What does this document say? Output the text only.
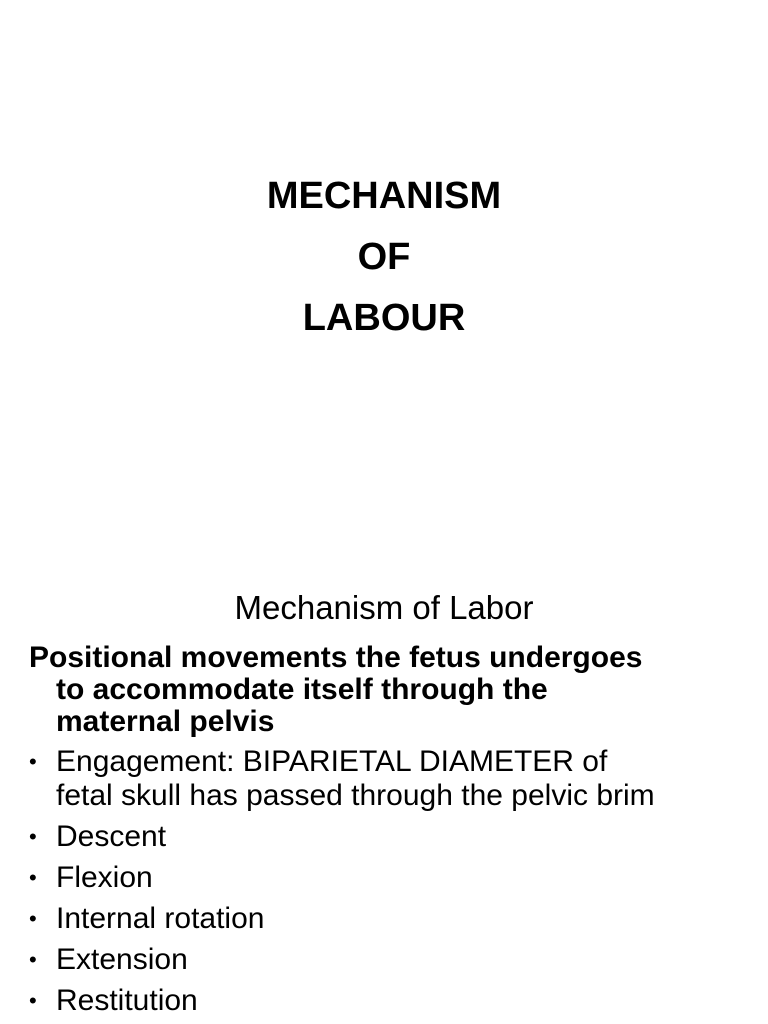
MECHANISM
OF
LABOUR
Mechanism of Labor
Positional movements the fetus undergoes
to accommodate itself through the
maternal pelvis
• Engagement: BIPARIETAL DIAMETER of
fetal skull has passed through the pelvic brim
• Descent
• Flexion
• Internal rotation
• Extension
• Restitution
